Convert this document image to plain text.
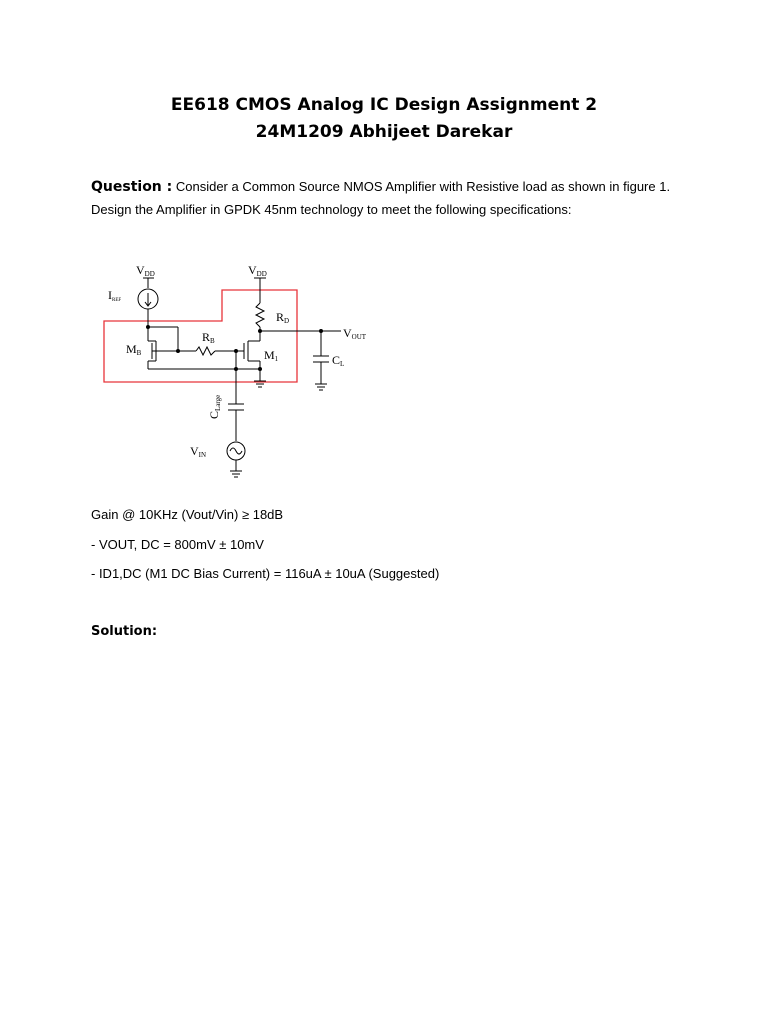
EE618 CMOS Analog IC Design Assignment 2
24M1209 Abhijeet Darekar
Question : Consider a Common Source NMOS Amplifier with Resistive load as shown in figure 1.
Design the Amplifier in GPDK 45nm technology to meet the following specifications:
VDD	VDD
IREF
RD
RB
MB	M1
VOUT
CL
VIN
CLarge
Gain @ 10KHz (Vout/Vin) ≥ 18dB
- VOUT, DC = 800mV ± 10mV
- ID1,DC (M1 DC Bias Current) = 116uA ± 10uA (Suggested)
Solution:
